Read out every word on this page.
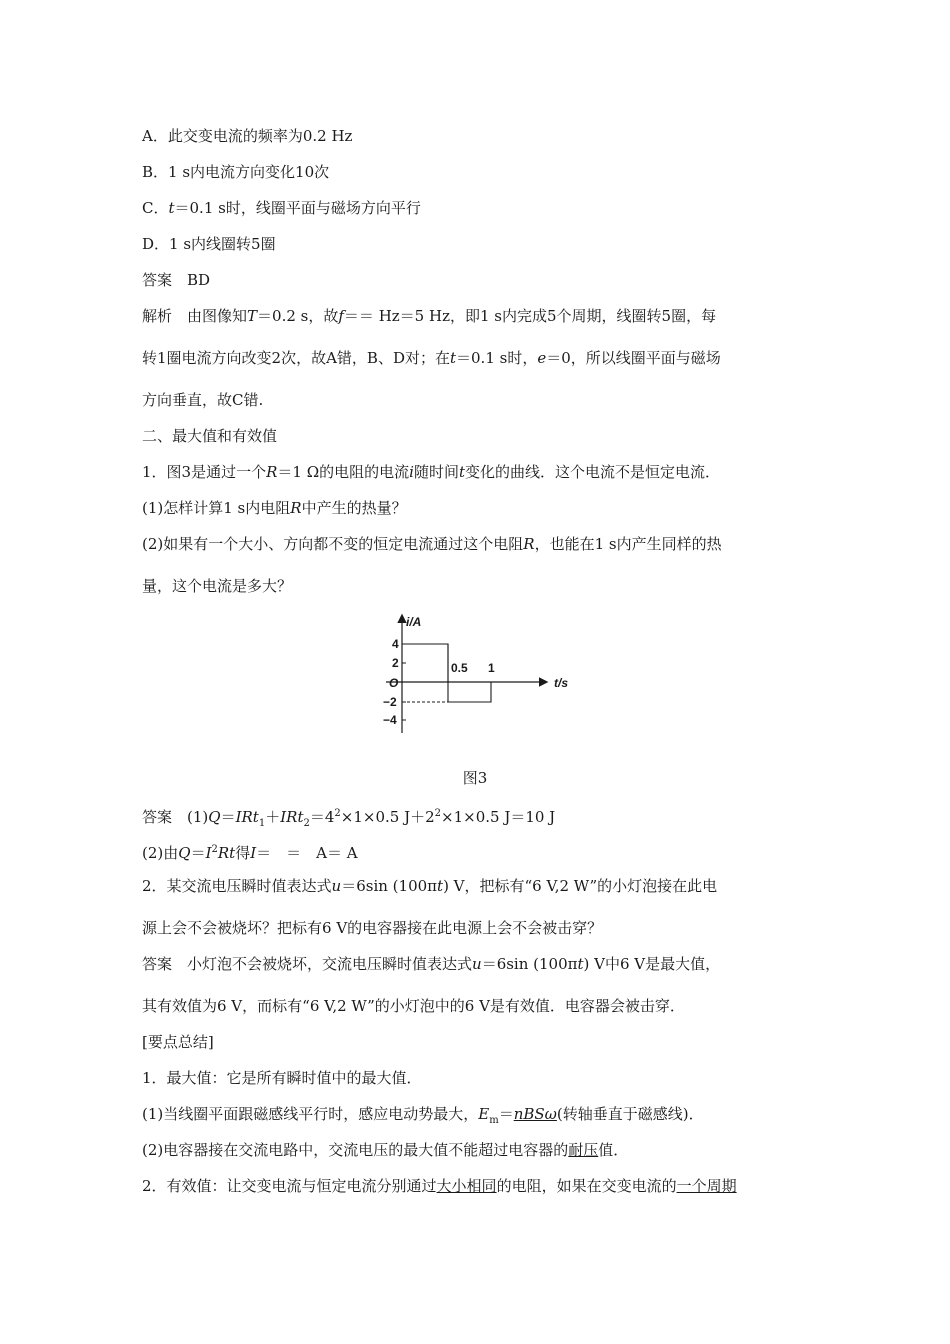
A．此交变电流的频率为0.2 Hz
B．1 s内电流方向变化10次
C．t＝0.1 s时，线圈平面与磁场方向平行
D．1 s内线圈转5圈
答案　BD
解析　由图像知T＝0.2 s，故f＝＝ Hz＝5 Hz，即1 s内完成5个周期，线圈转5圈，每
转1圈电流方向改变2次，故A错，B、D对；在t＝0.1 s时，e＝0，所以线圈平面与磁场
方向垂直，故C错.
二、最大值和有效值
1．图3是通过一个R＝1 Ω的电阻的电流i随时间t变化的曲线．这个电流不是恒定电流．
(1)怎样计算1 s内电阻R中产生的热量？
(2)如果有一个大小、方向都不变的恒定电流通过这个电阻R，也能在1 s内产生同样的热
量，这个电流是多大？
i/A
t/s
O
4
2
−2
−4
0.5 1
图3
答案　$(1)Q=IRt_1+IRt_2=4^2\times 1\times 0.5$ $J+2^2\times 1\times 0.5$ J＝10 J
(2)由$Q=I^2Rt$得I＝　＝　A＝ A
2．某交流电压瞬时值表达式u＝6sin (100πt) V，把标有“6 V,2 W”的小灯泡接在此电
源上会不会被烧坏？把标有6 V的电容器接在此电源上会不会被击穿？
答案　小灯泡不会被烧坏，交流电压瞬时值表达式u＝6sin (100πt) V中6 V是最大值，
其有效值为6 V，而标有“6 V,2 W”的小灯泡中的6 V是有效值．电容器会被击穿．
[要点总结]
1．最大值：它是所有瞬时值中的最大值．
(1)当线圈平面跟磁感线平行时，感应电动势最大，$E_m=nBS\omega$(转轴垂直于磁感线)．
(2)电容器接在交流电路中，交流电压的最大值不能超过电容器的耐压值．
2．有效值：让交变电流与恒定电流分别通过大小相同的电阻，如果在交变电流的一个周期
